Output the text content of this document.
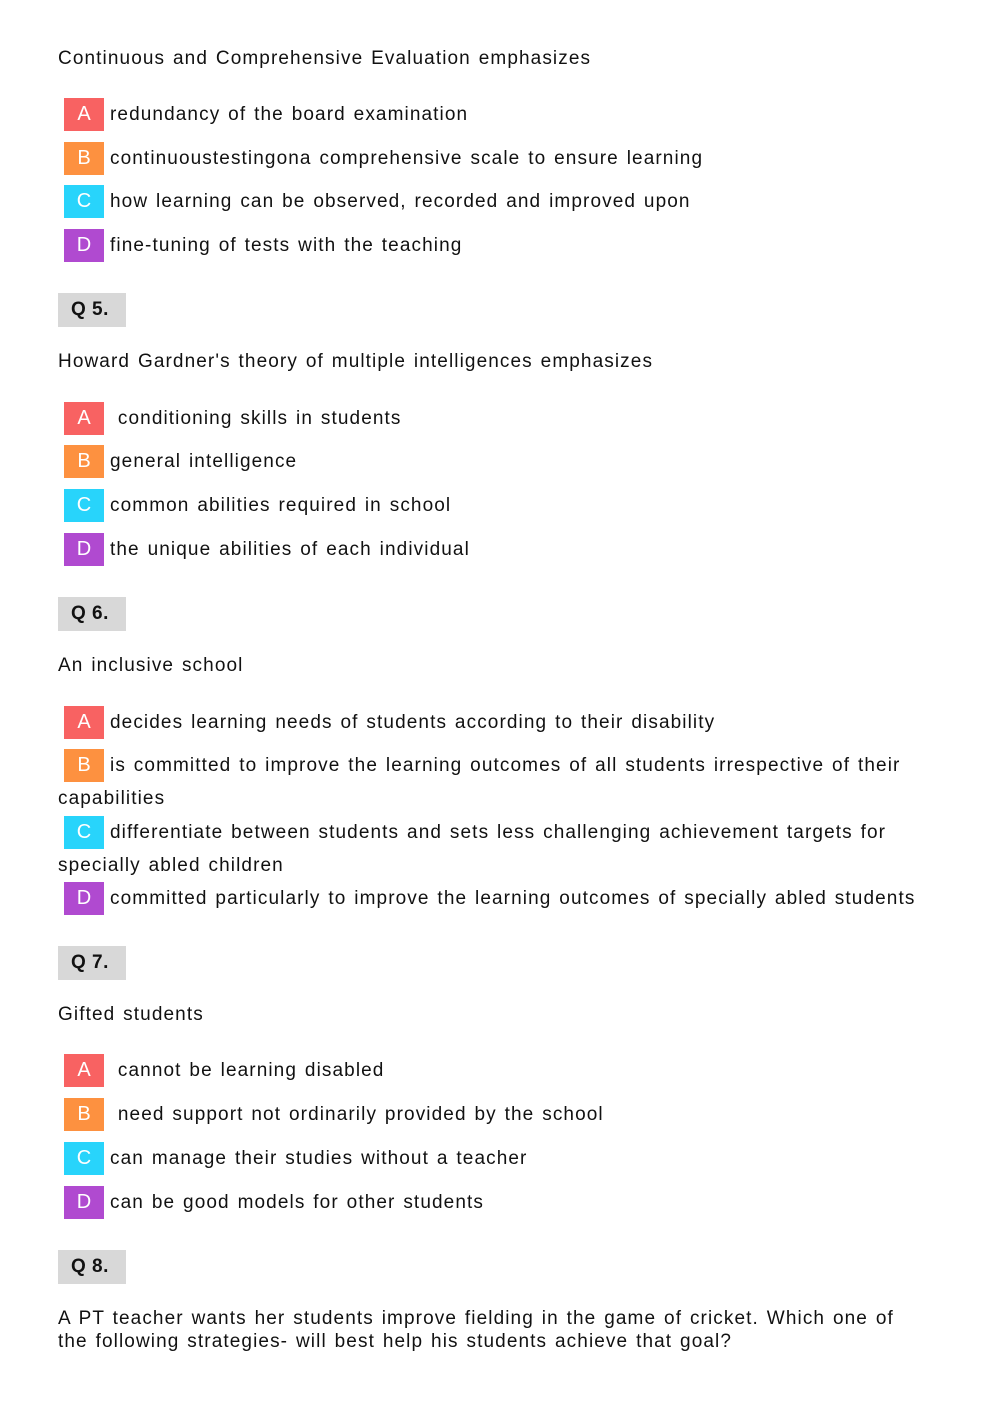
Continuous and Comprehensive Evaluation emphasizes
A redundancy of the board examination
B continuoustestingona comprehensive scale to ensure learning
C how learning can be observed, recorded and improved upon
D fine-tuning of tests with the teaching
Q 5.
Howard Gardner's theory of multiple intelligences emphasizes
A conditioning skills in students
B general intelligence
C common abilities required in school
D the unique abilities of each individual
Q 6.
An inclusive school
A decides learning needs of students according to their disability
B is committed to improve the learning outcomes of all students irrespective of their capabilities
C differentiate between students and sets less challenging achievement targets for specially abled children
D committed particularly to improve the learning outcomes of specially abled students
Q 7.
Gifted students
A cannot be learning disabled
B need support not ordinarily provided by the school
C can manage their studies without a teacher
D can be good models for other students
Q 8.
A PT teacher wants her students improve fielding in the game of cricket. Which one of the following strategies- will best help his students achieve that goal?
